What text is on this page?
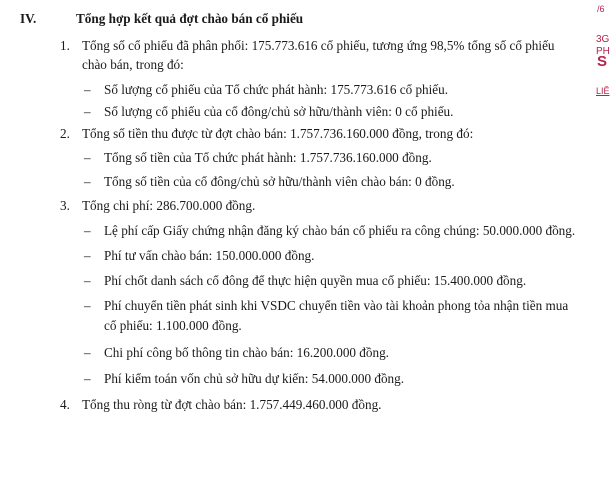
IV.	Tổng hợp kết quả đợt chào bán cổ phiếu
1. Tổng số cổ phiếu đã phân phối: 175.773.616 cổ phiếu, tương ứng 98,5% tổng số cổ phiếu
chào bán, trong đó:
– Số lượng cổ phiếu của Tổ chức phát hành: 175.773.616 cổ phiếu.
– Số lượng cổ phiếu của cổ đông/chủ sở hữu/thành viên: 0 cổ phiếu.
2. Tổng số tiền thu được từ đợt chào bán: 1.757.736.160.000 đồng, trong đó:
– Tổng số tiền của Tổ chức phát hành: 1.757.736.160.000 đồng.
– Tổng số tiền của cổ đông/chủ sở hữu/thành viên chào bán: 0 đồng.
3. Tổng chi phí: 286.700.000 đồng.
– Lệ phí cấp Giấy chứng nhận đăng ký chào bán cổ phiếu ra công chúng: 50.000.000 đồng.
– Phí tư vấn chào bán: 150.000.000 đồng.
– Phí chốt danh sách cổ đông để thực hiện quyền mua cổ phiếu: 15.400.000 đồng.
– Phí chuyển tiền phát sinh khi VSDC chuyển tiền vào tài khoản phong tỏa nhận tiền mua
cổ phiếu: 1.100.000 đồng.
– Chi phí công bố thông tin chào bán: 16.200.000 đồng.
– Phí kiểm toán vốn chủ sở hữu dự kiến: 54.000.000 đồng.
4. Tổng thu ròng từ đợt chào bán: 1.757.449.460.000 đồng.
/6
3G
PH
S
LIÊ
